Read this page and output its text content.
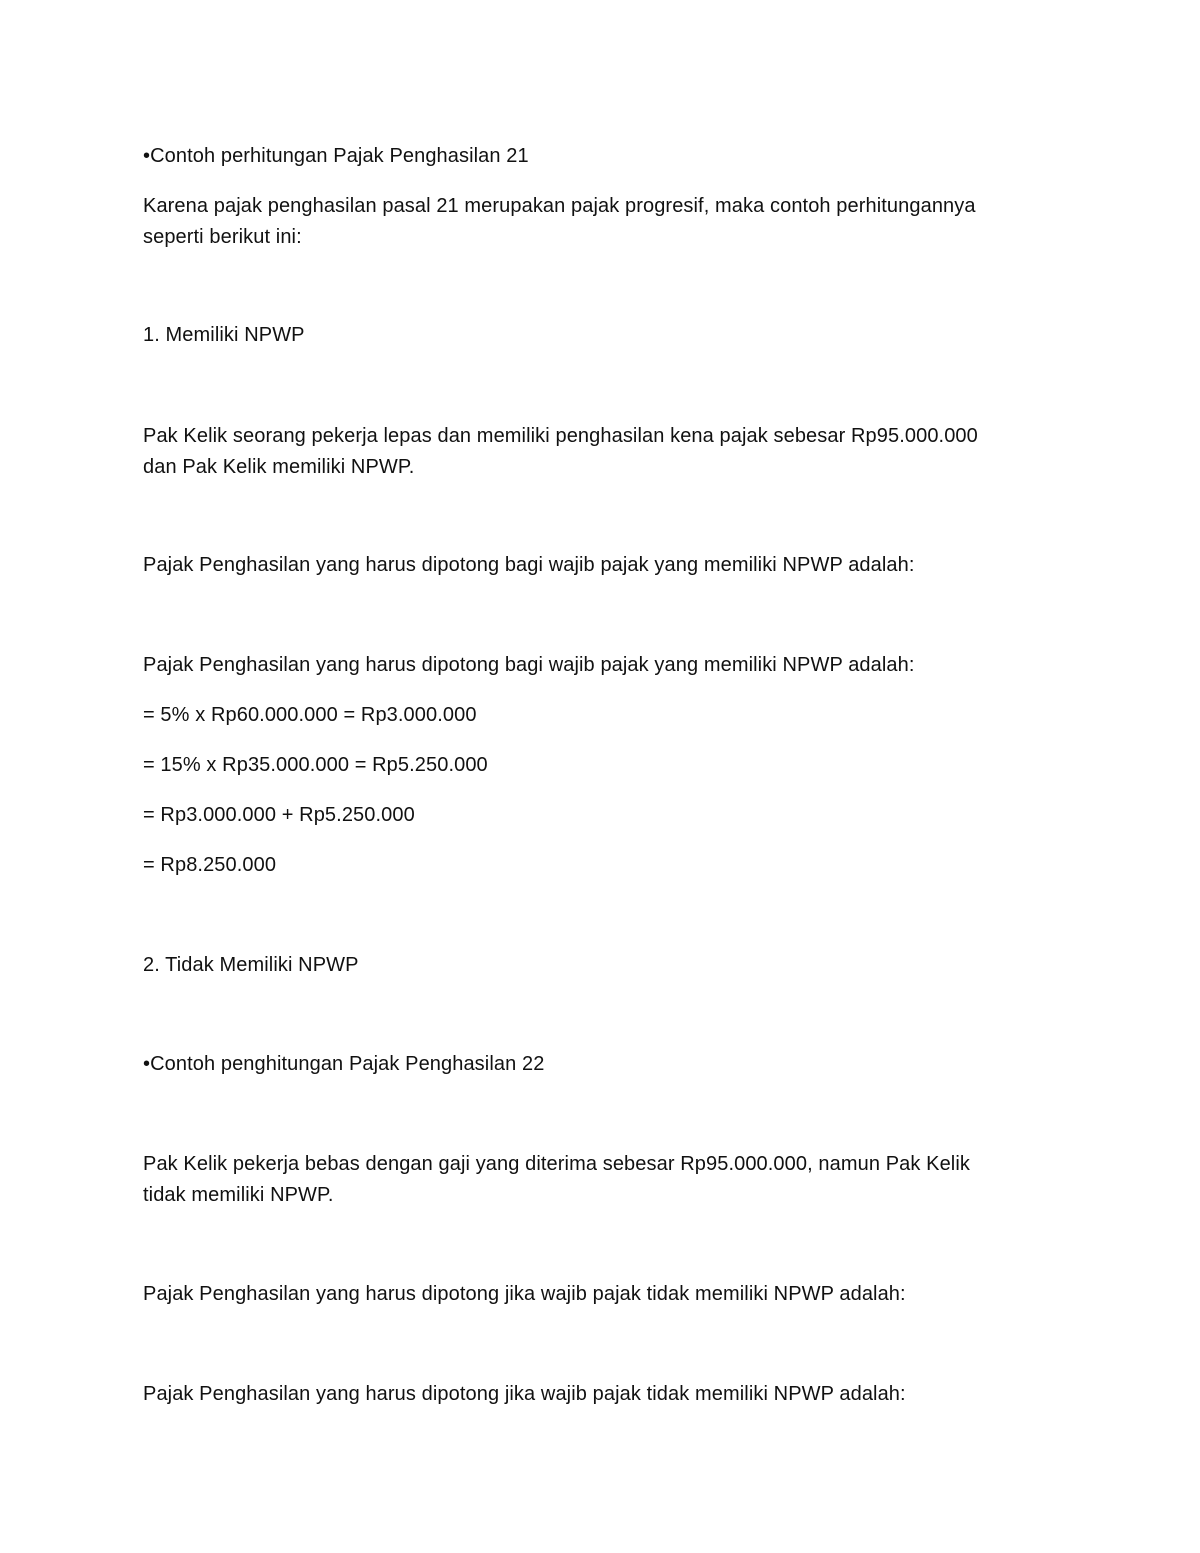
•Contoh perhitungan Pajak Penghasilan 21
Karena pajak penghasilan pasal 21 merupakan pajak progresif, maka contoh perhitungannya
seperti berikut ini:
1. Memiliki NPWP
Pak Kelik seorang pekerja lepas dan memiliki penghasilan kena pajak sebesar Rp95.000.000
dan Pak Kelik memiliki NPWP.
Pajak Penghasilan yang harus dipotong bagi wajib pajak yang memiliki NPWP adalah:
Pajak Penghasilan yang harus dipotong bagi wajib pajak yang memiliki NPWP adalah:
= 5% x Rp60.000.000 = Rp3.000.000
= 15% x Rp35.000.000 = Rp5.250.000
= Rp3.000.000 + Rp5.250.000
= Rp8.250.000
2. Tidak Memiliki NPWP
•Contoh penghitungan Pajak Penghasilan 22
Pak Kelik pekerja bebas dengan gaji yang diterima sebesar Rp95.000.000, namun Pak Kelik
tidak memiliki NPWP.
Pajak Penghasilan yang harus dipotong jika wajib pajak tidak memiliki NPWP adalah:
Pajak Penghasilan yang harus dipotong jika wajib pajak tidak memiliki NPWP adalah:
